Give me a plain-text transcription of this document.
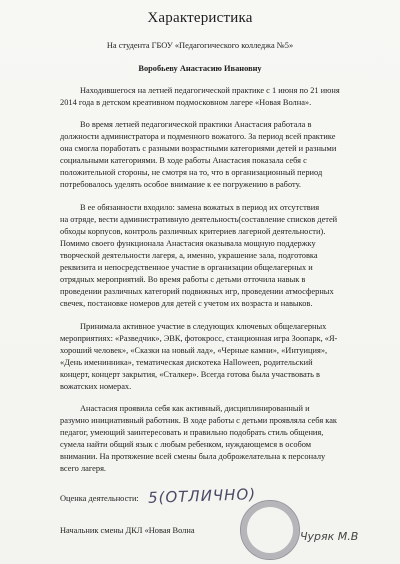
Характеристика
На студента ГБОУ «Педагогического колледжа №5»
Воробьеву Анастасию Ивановну
Находившегося на летней педагогической практике с 1 июня по 21 июня
2014 года в детском креативном подмосковном лагере «Новая Волна».
Во время летней педагогической практики Анастасия работала в
должности администратора и подменного вожатого. За период всей практике
она смогла поработать с разными возрастными категориями детей и разными
социальными категориями. В ходе работы Анастасия показала себя с
положительной стороны, не смотря на то, что в организационный период
потребовалось уделять особое внимание к ее погружению в работу.
В ее обязанности входило: замена вожатых в период их отсутствия
на отряде, вести административную деятельность(составление списков детей
обходы корпусов, контроль различных критериев лагерной деятельности).
Помимо своего функционала Анастасия оказывала мощную поддержку
творческой деятельности лагеря, а, именно, украшение зала, подготовка
реквизита и непосредственное участие в организации общелагерных и
отрядных мероприятий. Во время работы с детьми отточила навык в
проведении различных категорий подвижных игр, проведении атмосферных
свечек, постановке номеров для детей с учетом их возраста и навыков.
Принимала активное участие в следующих ключевых общелагерных
мероприятиях: «Разведчик», ЭВК, фотокросс, станционная игра Зоопарк, «Я-
хороший человек», «Сказки на новый лад», «Черные камни», «Интуиция»,
«День именинника», тематическая дискотека Halloween, родительский
концерт, концерт закрытия, «Сталкер». Всегда готова была участвовать в
вожатских номерах.
Анастасия проявила себя как активный, дисциплинированный и
разумно инициативный работник. В ходе работы с детьми проявляла себя как
педагог, умеющий заинтересовать и правильно подобрать стиль общения,
сумела найти общий язык с любым ребенком, нуждающемся в особом
внимании. На протяжение всей смены была доброжелательна к персоналу
всего лагеря.
Оценка деятельности: 5(ОТЛИЧНО)
Начальник смены ДКЛ «Новая Волна	Чуряк М.В
